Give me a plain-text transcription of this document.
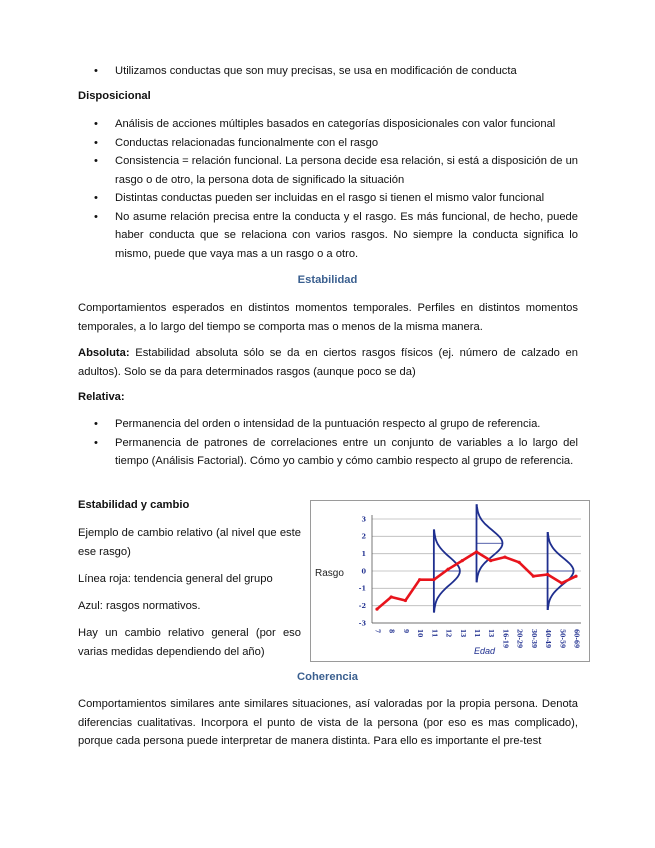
• Utilizamos conductas que son muy precisas, se usa en modificación de conducta
Disposicional
• Análisis de acciones múltiples basados en categorías disposicionales con valor funcional
• Conductas relacionadas funcionalmente con el rasgo
• Consistencia = relación funcional. La persona decide esa relación, si está a disposición de un rasgo o de otro, la persona dota de significado la situación
• Distintas conductas pueden ser incluidas en el rasgo si tienen el mismo valor funcional
• No asume relación precisa entre la conducta y el rasgo. Es más funcional, de hecho, puede haber conducta que se relaciona con varios rasgos. No siempre la conducta significa lo mismo, puede que vaya mas a un rasgo o a otro.
Estabilidad
Comportamientos esperados en distintos momentos temporales. Perfiles en distintos momentos temporales, a lo largo del tiempo se comporta mas o menos de la misma manera.
Absoluta: Estabilidad absoluta sólo se da en ciertos rasgos físicos (ej. número de calzado en adultos). Solo se da para determinados rasgos (aunque poco se da)
Relativa:
• Permanencia del orden o intensidad de la puntuación respecto al grupo de referencia.
• Permanencia de patrones de correlaciones entre un conjunto de variables a lo largo del tiempo (Análisis Factorial). Cómo yo cambio y cómo cambio respecto al grupo de referencia.
Estabilidad y cambio
Ejemplo de cambio relativo (al nivel que este ese rasgo)
Línea roja: tendencia general del grupo
Azul: rasgos normativos.
Hay un cambio relativo general (por eso varias medidas dependiendo del año)
3
2
1
0
-1
-2
-3
7 8 9 10 11 12 13 11 13 16-19 20-29 30-39 40-49 50-59 60-69
Rasgo
Edad
Coherencia
Comportamientos similares ante similares situaciones, así valoradas por la propia persona. Denota diferencias cualitativas. Incorpora el punto de vista de la persona (por eso es mas complicado), porque cada persona puede interpretar de manera distinta. Para ello es importante el pre-test
